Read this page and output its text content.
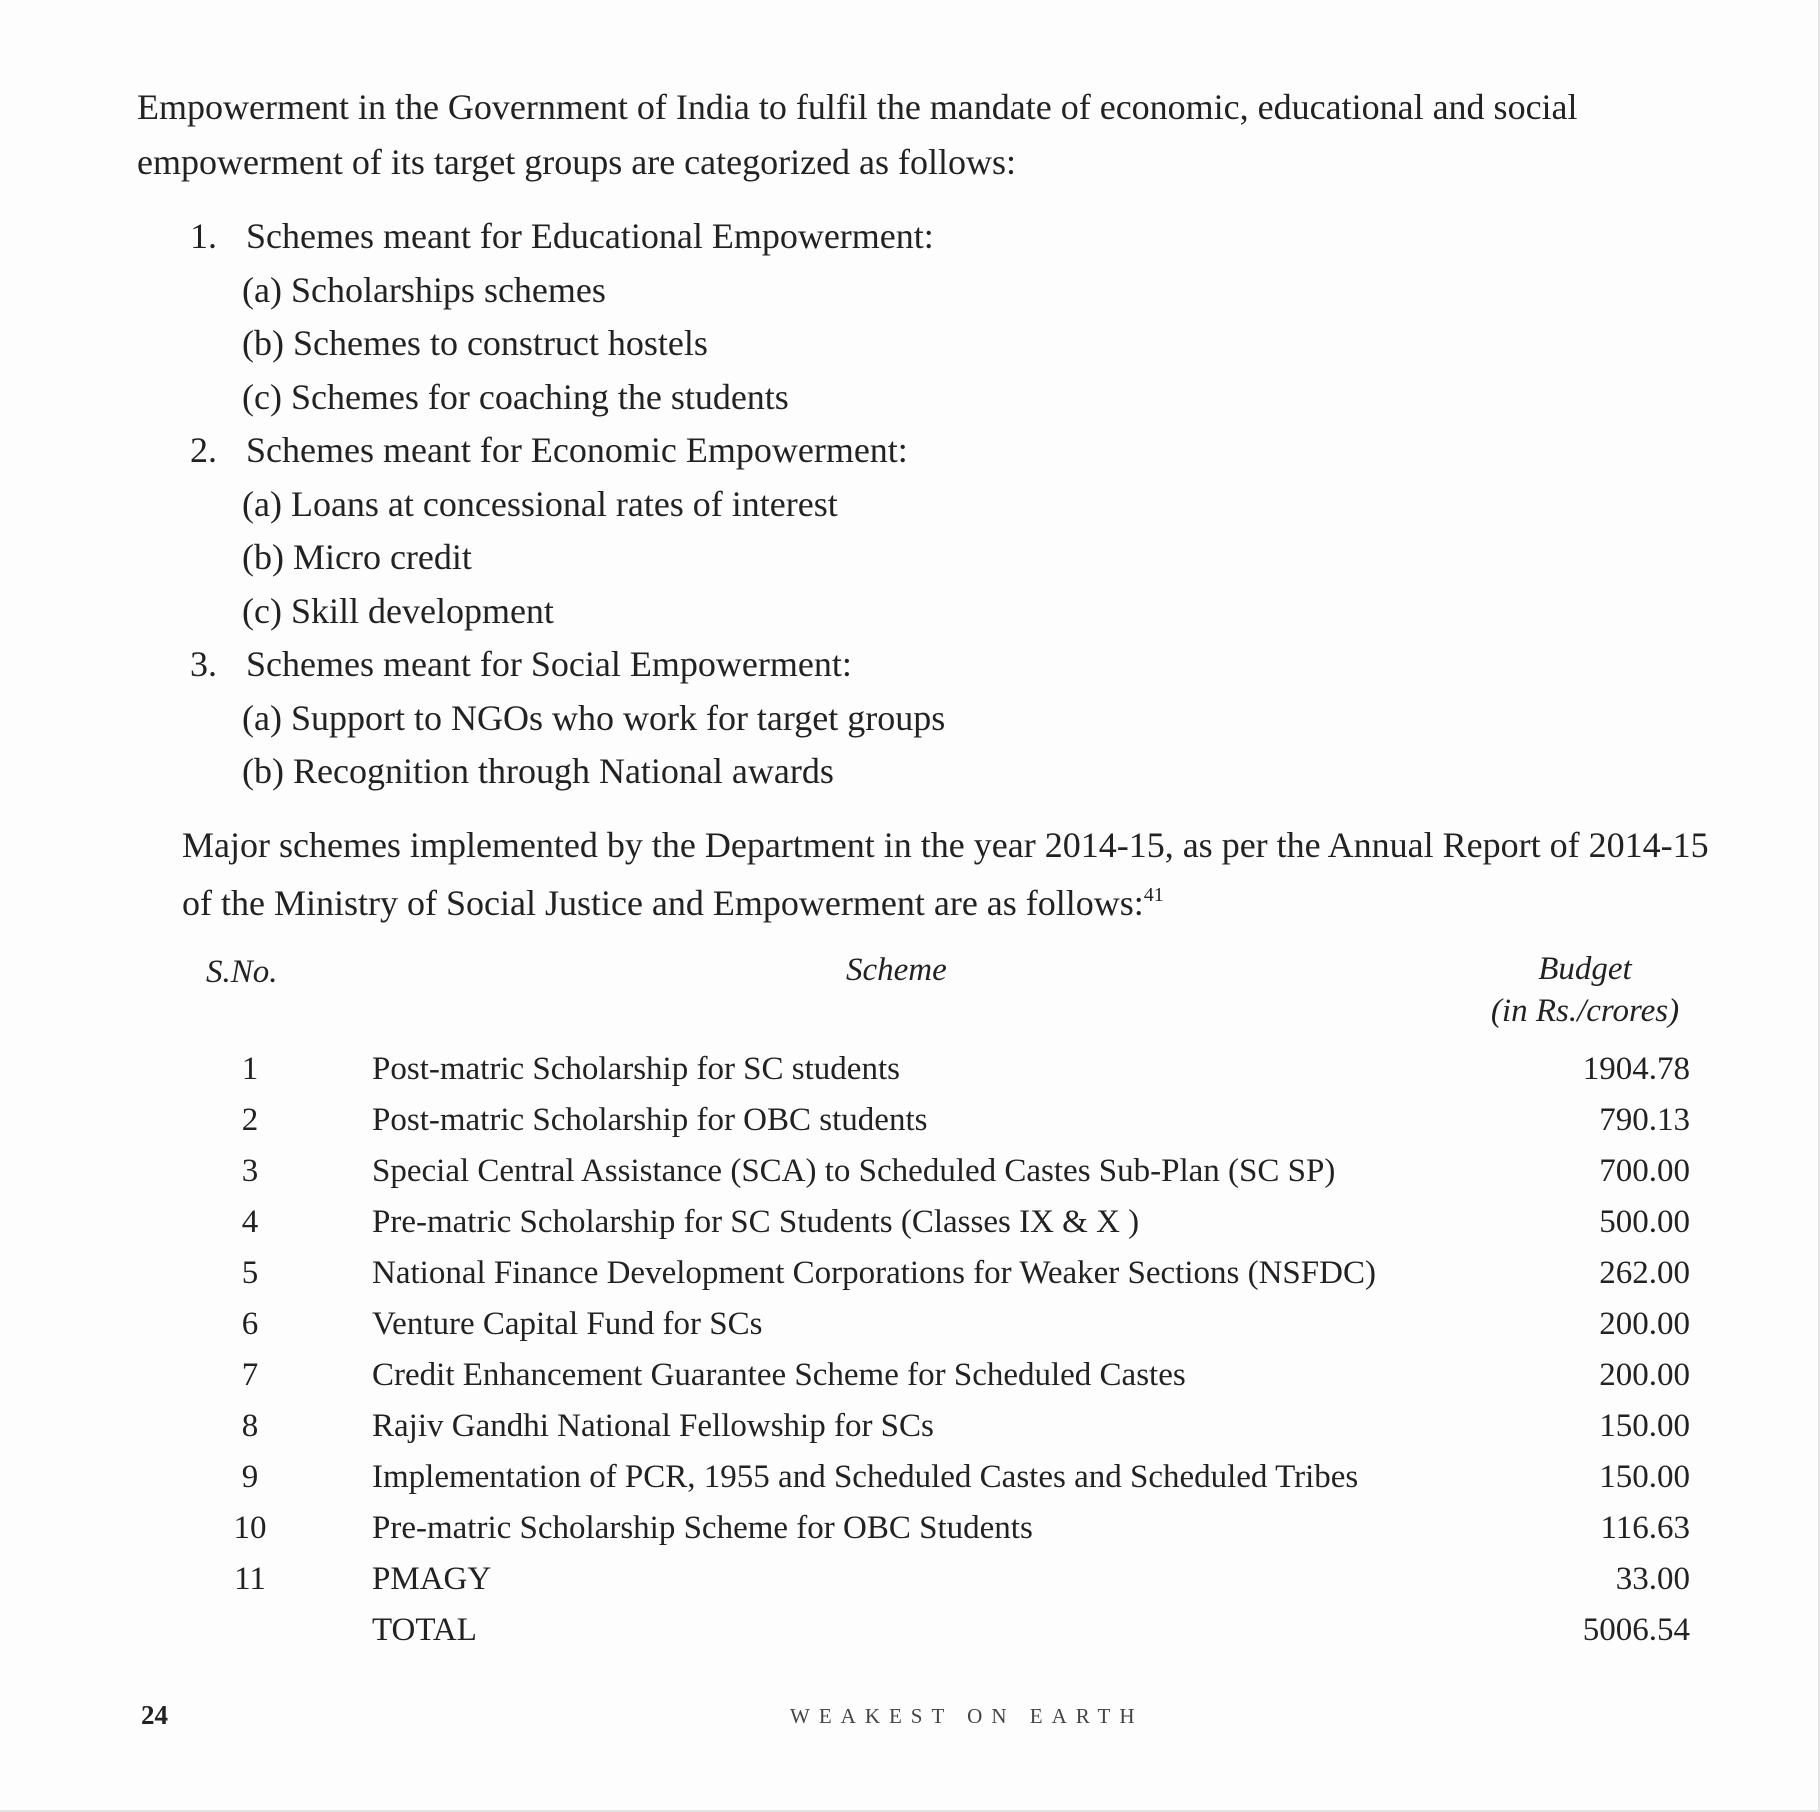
Empowerment in the Government of India to fulfil the mandate of economic, educational and social empowerment of its target groups are categorized as follows:

1. Schemes meant for Educational Empowerment:
(a) Scholarships schemes
(b) Schemes to construct hostels
(c) Schemes for coaching the students
2. Schemes meant for Economic Empowerment:
(a) Loans at concessional rates of interest
(b) Micro credit
(c) Skill development
3. Schemes meant for Social Empowerment:
(a) Support to NGOs who work for target groups
(b) Recognition through National awards

Major schemes implemented by the Department in the year 2014-15, as per the Annual Report of 2014-15 of the Ministry of Social Justice and Empowerment are as follows:$^{41}$

S.No.	Scheme	Budget
(in Rs./crores)
1	Post-matric Scholarship for SC students	1904.78
2	Post-matric Scholarship for OBC students	790.13
3	Special Central Assistance (SCA) to Scheduled Castes Sub-Plan (SC SP)	700.00
4	Pre-matric Scholarship for SC Students (Classes IX & X )	500.00
5	National Finance Development Corporations for Weaker Sections (NSFDC)	262.00
6	Venture Capital Fund for SCs	200.00
7	Credit Enhancement Guarantee Scheme for Scheduled Castes	200.00
8	Rajiv Gandhi National Fellowship for SCs	150.00
9	Implementation of PCR, 1955 and Scheduled Castes and Scheduled Tribes	150.00
10	Pre-matric Scholarship Scheme for OBC Students	116.63
11	PMAGY	33.00
TOTAL	5006.54
24	WEAKEST ON EARTH
